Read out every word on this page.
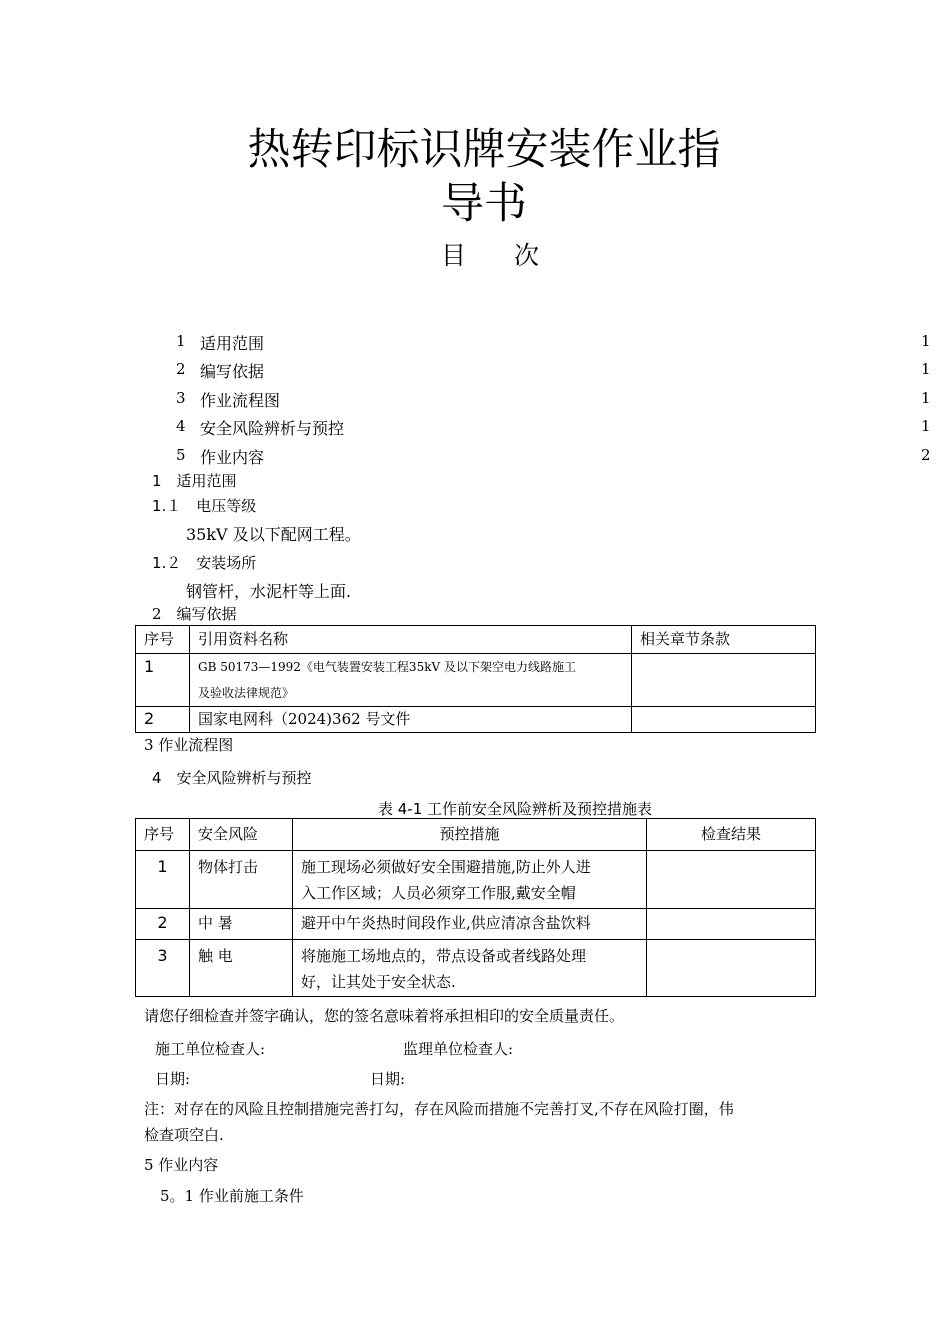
热转印标识牌安装作业指
导书
目次
1 适用范围	1
2 编写依据	1
3 作业流程图	1
4 安全风险辨析与预控	1
5 作业内容	2
1　适用范围
1.１　电压等级
35kV 及以下配网工程。
1.２　安装场所
钢管杆，水泥杆等上面.
2　编写依据
序号	引用资料名称	相关章节条款
1	GB 50173—1992《电气装置安装工程35kV 及以下架空电力线路施工
及验收法律规范》	

2	国家电网科（2024)362 号文件	
3 作业流程图
4　安全风险辨析与预控
表 4-1 工作前安全风险辨析及预控措施表
序号	安全风险	预控措施	检查结果
1	物体打击	施工现场必须做好安全围避措施,防止外人进
入工作区域；人员必须穿工作服,戴安全帽	

2	中 暑	避开中午炎热时间段作业,供应清凉含盐饮料	

3	触 电	将施施工场地点的，带点设备或者线路处理
好，让其处于安全状态.	

请您仔细检查并签字确认，您的签名意味着将承担相印的安全质量责任。
施工单位检查人:	监理单位检查人:
日期:	日期:
注：对存在的风险且控制措施完善打勾，存在风险而措施不完善打叉,不存在风险打圈，伟
检查项空白.
5 作业内容
5。1 作业前施工条件
